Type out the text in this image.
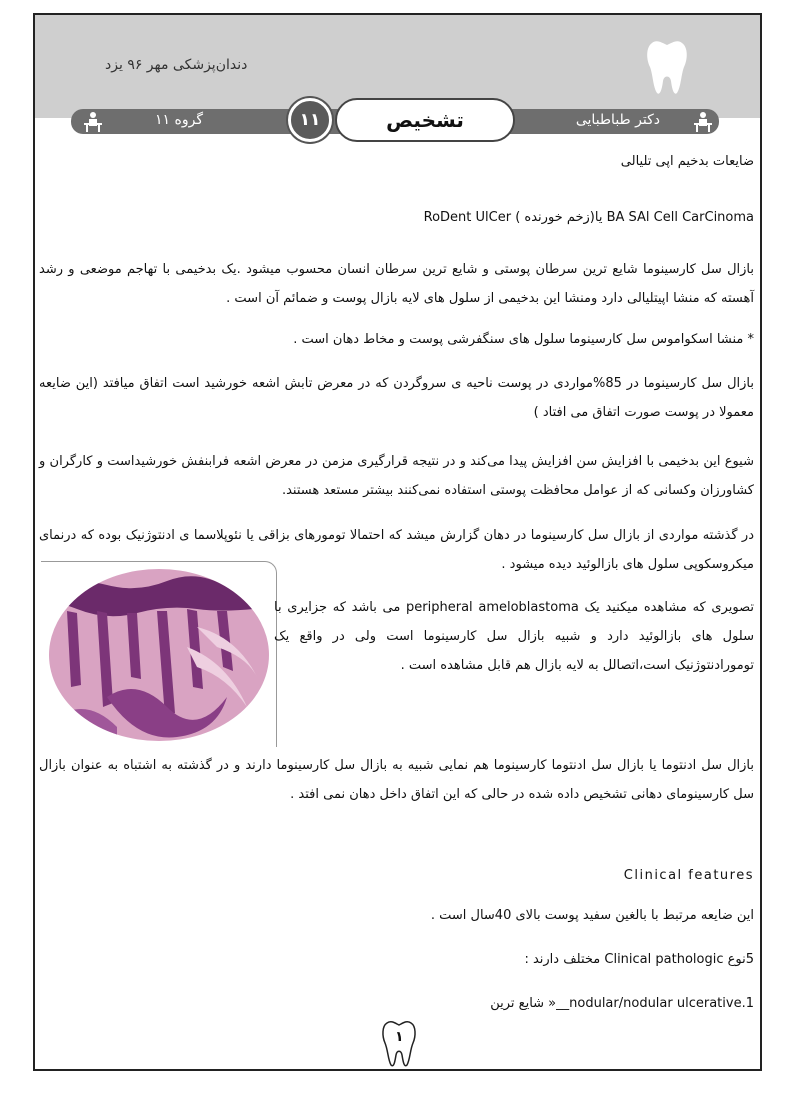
دندان‌پزشکی مهر ۹۶ یزد
گروه ۱۱	۱۱	تشخیص	دکتر طباطبایی
ضایعات بدخیم اپی تلیالی
BA SAl Cell CarCinoma یا(زخم خورنده ) RoDent UlCer
بازال سل کارسینوما شایع ترین سرطان پوستی و شایع ترین سرطان انسان محسوب میشود .یک بدخیمی با تهاجم موضعی و رشد آهسته که منشا اپیتلیالی دارد ومنشا این بدخیمی از سلول های لایه بازال پوست و ضمائم آن است .
* منشا اسکواموس سل کارسینوما سلول های سنگفرشی پوست و مخاط دهان است .
بازال سل کارسینوما در 85%مواردی در پوست ناحیه ی سروگردن که در معرض تابش اشعه خورشید است اتفاق میافتد (این ضایعه معمولا در پوست صورت اتفاق می افتاد )
شیوع این بدخیمی با افزایش سن افزایش پیدا می‌کند و در نتیجه قرارگیری مزمن در معرض اشعه فرابنفش خورشیداست و کارگران و کشاورزان وکسانی که از عوامل محافظت پوستی استفاده نمی‌کنند بیشتر مستعد هستند.
در گذشته مواردی از بازال سل کارسینوما در دهان گزارش میشد که احتمالا تومورهای بزاقی یا نئوپلاسما ی ادنتوژنیک بوده که درنمای میکروسکوپی سلول های بازالوئید دیده میشود .
تصویری که مشاهده میکنید یک peripheral ameloblastoma می باشد که جزایری با سلول های بازالوئید دارد و شبیه بازال سل کارسینوما است ولی در واقع یک تومورادنتوژنیک است،اتصالل به لایه بازال هم قابل مشاهده است .
بازال سل ادنتوما یا بازال سل ادنتوما کارسینوما هم نمایی شبیه به بازال سل کارسینوما دارند و در گذشته به اشتباه به عنوان بازال سل کارسینومای دهانی تشخیص داده شده در حالی که این اتفاق داخل دهان نمی افتد .
Clinical features
این ضایعه مرتبط با بالغین سفید پوست بالای 40سال است .
5نوع Clinical pathologic مختلف دارند :
1.nodular/nodular ulcerative__« شایع ترین
۱
